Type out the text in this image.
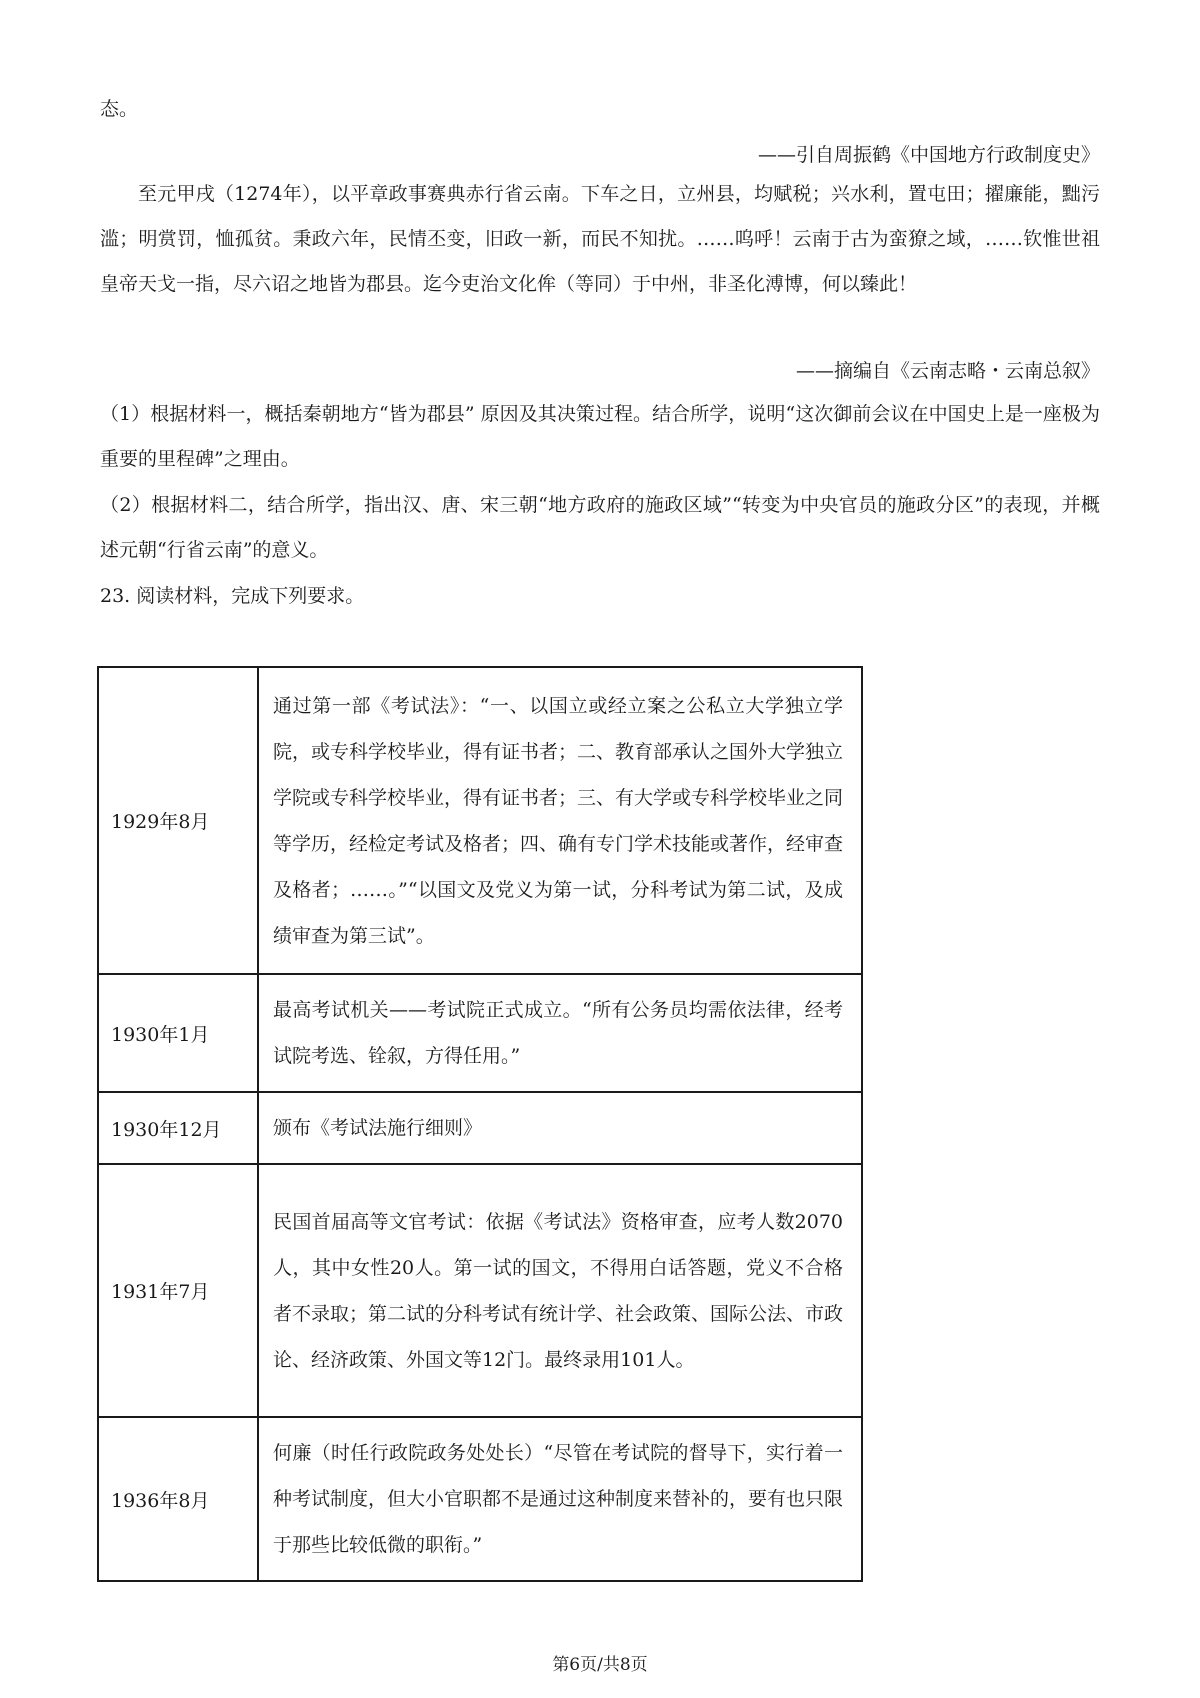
态。
——引自周振鹤《中国地方行政制度史》
至元甲戌（1274年），以平章政事赛典赤行省云南。下车之日，立州县，均赋税；兴水利，置屯田；擢廉能，黜污滥；明赏罚，恤孤贫。秉政六年，民情丕变，旧政一新，而民不知扰。……呜呼！云南于古为蛮獠之域，……钦惟世祖皇帝天戈一指，尽六诏之地皆为郡县。迄今吏治文化侔（等同）于中州，非圣化溥博，何以臻此！
——摘编自《云南志略・云南总叙》
（1）根据材料一，概括秦朝地方“皆为郡县” 原因及其决策过程。结合所学，说明“这次御前会议在中国史上是一座极为重要的里程碑”之理由。
（2）根据材料二，结合所学，指出汉、唐、宋三朝“地方政府的施政区域”“转变为中央官员的施政分区”的表现，并概述元朝“行省云南”的意义。
23. 阅读材料，完成下列要求。
1929年8月	通过第一部《考试法》：“一、以国立或经立案之公私立大学独立学院，或专科学校毕业，得有证书者；二、教育部承认之国外大学独立学院或专科学校毕业，得有证书者；三、有大学或专科学校毕业之同等学历，经检定考试及格者；四、确有专门学术技能或著作，经审查及格者；……。”“以国文及党义为第一试，分科考试为第二试，及成绩审查为第三试”。
1930年1月	最高考试机关——考试院正式成立。“所有公务员均需依法律，经考试院考选、铨叙，方得任用。”
1930年12月	颁布《考试法施行细则》
1931年7月	民国首届高等文官考试：依据《考试法》资格审查，应考人数2070人，其中女性20人。第一试的国文，不得用白话答题，党义不合格者不录取；第二试的分科考试有统计学、社会政策、国际公法、市政论、经济政策、外国文等12门。最终录用101人。
1936年8月	何廉（时任行政院政务处处长）“尽管在考试院的督导下，实行着一种考试制度，但大小官职都不是通过这种制度来替补的，要有也只限于那些比较低微的职衔。”
第6页/共8页
